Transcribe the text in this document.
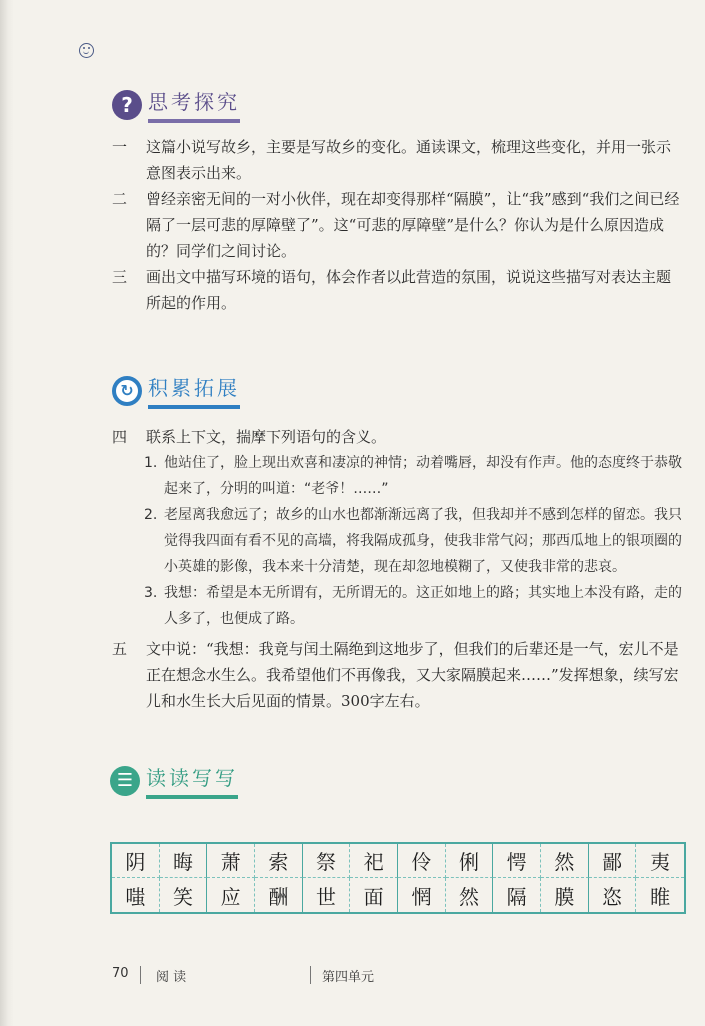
? 思考探究
一	这篇小说写故乡，主要是写故乡的变化。通读课文，梳理这些变化，并用一张示意图表示出来。
二	曾经亲密无间的一对小伙伴，现在却变得那样“隔膜”，让“我”感到“我们之间已经隔了一层可悲的厚障壁了”。这“可悲的厚障壁”是什么？你认为是什么原因造成的？同学们之间讨论。
三	画出文中描写环境的语句，体会作者以此营造的氛围，说说这些描写对表达主题所起的作用。
↻ 积累拓展
四	联系上下文，揣摩下列语句的含义。
1. 他站住了，脸上现出欢喜和凄凉的神情；动着嘴唇，却没有作声。他的态度终于恭敬起来了，分明的叫道：“老爷！……”
2. 老屋离我愈远了；故乡的山水也都渐渐远离了我，但我却并不感到怎样的留恋。我只觉得我四面有看不见的高墙，将我隔成孤身，使我非常气闷；那西瓜地上的银项圈的小英雄的影像，我本来十分清楚，现在却忽地模糊了，又使我非常的悲哀。
3. 我想：希望是本无所谓有，无所谓无的。这正如地上的路；其实地上本没有路，走的人多了，也便成了路。
五	文中说：“我想：我竟与闰土隔绝到这地步了，但我们的后辈还是一气，宏儿不是正在想念水生么。我希望他们不再像我，又大家隔膜起来……”发挥想象，续写宏儿和水生长大后见面的情景。300字左右。
☰ 读读写写
阴	晦	萧	索	祭	祀	伶	俐	愕	然	鄙	夷
嗤	笑	应	酬	世	面	惘	然	隔	膜	恣	睢
70 阅 读	第四单元
